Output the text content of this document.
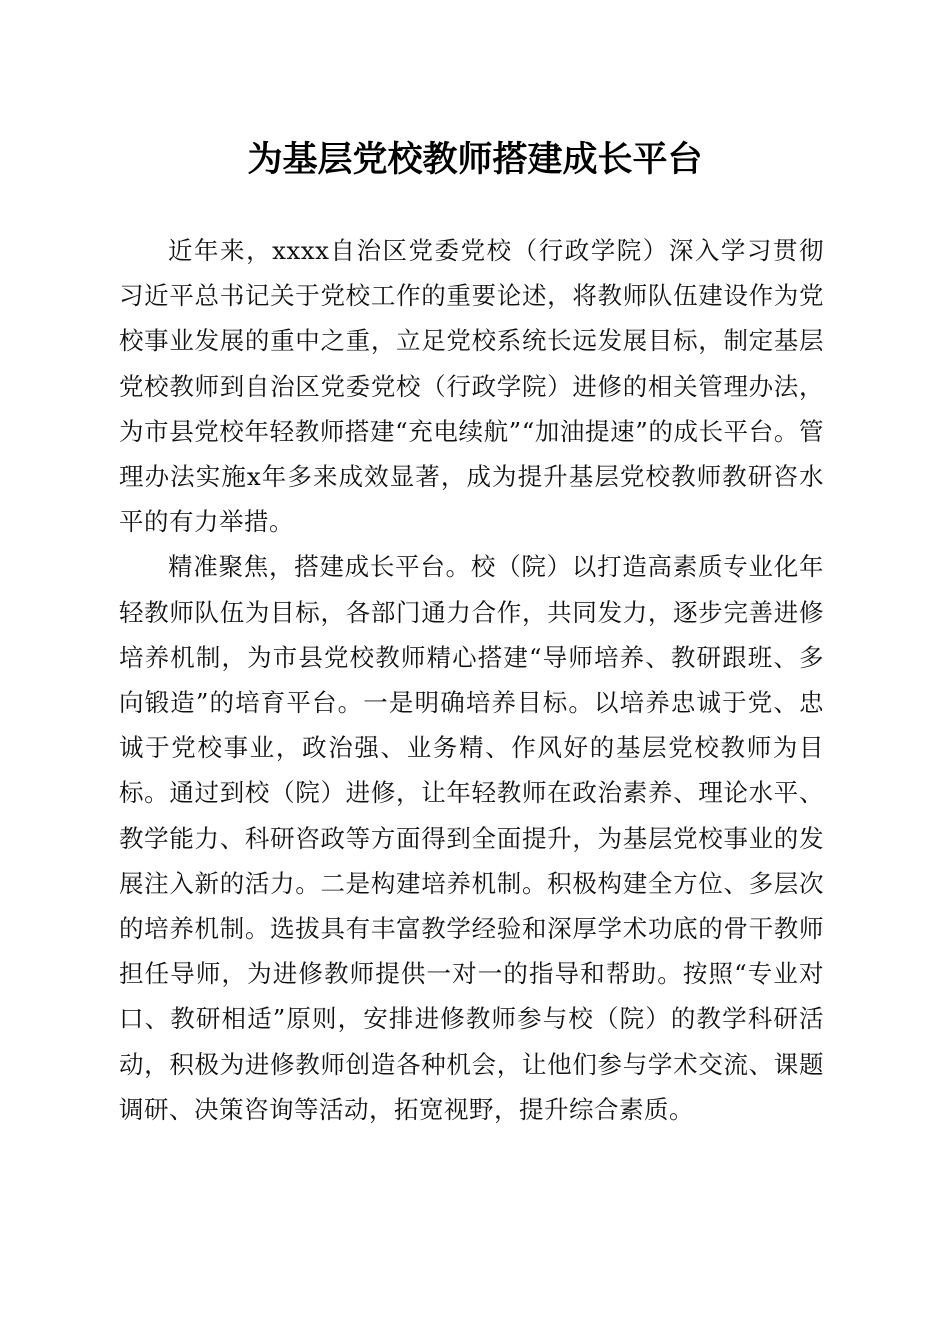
为基层党校教师搭建成长平台

近年来，xxxx自治区党委党校（行政学院）深入学习贯彻习近平总书记关于党校工作的重要论述，将教师队伍建设作为党校事业发展的重中之重，立足党校系统长远发展目标，制定基层党校教师到自治区党委党校（行政学院）进修的相关管理办法，为市县党校年轻教师搭建“充电续航”“加油提速”的成长平台。管理办法实施x年多来成效显著，成为提升基层党校教师教研咨水平的有力举措。

精准聚焦，搭建成长平台。校（院）以打造高素质专业化年轻教师队伍为目标，各部门通力合作，共同发力，逐步完善进修培养机制，为市县党校教师精心搭建“导师培养、教研跟班、多向锻造”的培育平台。一是明确培养目标。以培养忠诚于党、忠诚于党校事业，政治强、业务精、作风好的基层党校教师为目标。通过到校（院）进修，让年轻教师在政治素养、理论水平、教学能力、科研咨政等方面得到全面提升，为基层党校事业的发展注入新的活力。二是构建培养机制。积极构建全方位、多层次的培养机制。选拔具有丰富教学经验和深厚学术功底的骨干教师担任导师，为进修教师提供一对一的指导和帮助。按照“专业对口、教研相适”原则，安排进修教师参与校（院）的教学科研活动，积极为进修教师创造各种机会，让他们参与学术交流、课题调研、决策咨询等活动，拓宽视野，提升综合素质。
